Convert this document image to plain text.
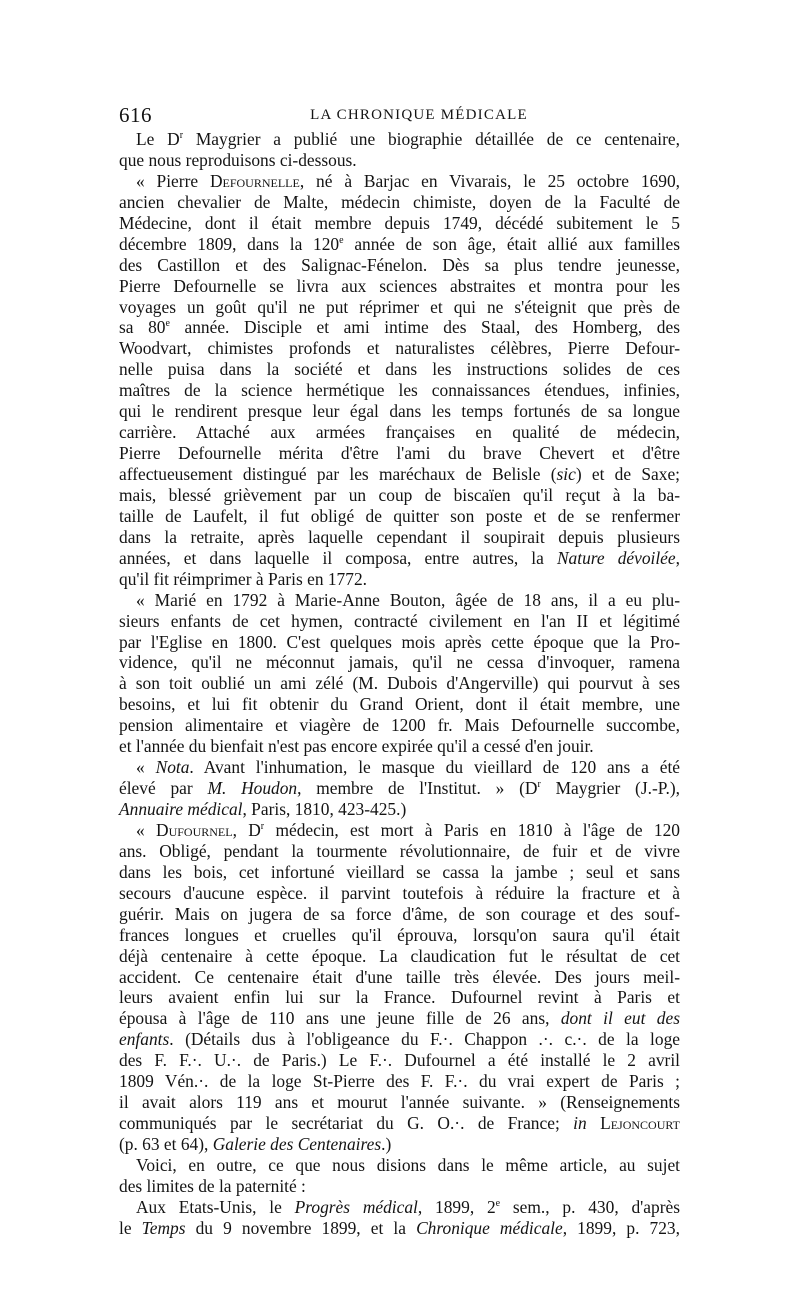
616	LA CHRONIQUE MÉDICALE
Le $D^r$ Maygrier a publié une biographie détaillée de ce centenaire,
que nous reproduisons ci-dessous.
« Pierre Defournelle, né à Barjac en Vivarais, le 25 octobre 1690,
ancien chevalier de Malte, médecin chimiste, doyen de la Faculté de
Médecine, dont il était membre depuis 1749, décédé subitement le 5
décembre 1809, dans la 120e année de son âge, était allié aux familles
des Castillon et des Salignac-Fénelon. Dès sa plus tendre jeunesse,
Pierre Defournelle se livra aux sciences abstraites et montra pour les
voyages un goût qu'il ne put réprimer et qui ne s'éteignit que près de
sa 80e année. Disciple et ami intime des Staal, des Homberg, des
Woodvart, chimistes profonds et naturalistes célèbres, Pierre Defour-
nelle puisa dans la société et dans les instructions solides de ces
maîtres de la science hermétique les connaissances étendues, infinies,
qui le rendirent presque leur égal dans les temps fortunés de sa longue
carrière. Attaché aux armées françaises en qualité de médecin,
Pierre Defournelle mérita d'être l'ami du brave Chevert et d'être
affectueusement distingué par les maréchaux de Belisle (sic) et de Saxe;
mais, blessé grièvement par un coup de biscaïen qu'il reçut à la ba-
taille de Laufelt, il fut obligé de quitter son poste et de se renfermer
dans la retraite, après laquelle cependant il soupirait depuis plusieurs
années, et dans laquelle il composa, entre autres, la Nature dévoilée,
qu'il fit réimprimer à Paris en 1772.
« Marié en 1792 à Marie-Anne Bouton, âgée de 18 ans, il a eu plu-
sieurs enfants de cet hymen, contracté civilement en l'an II et légitimé
par l'Eglise en 1800. C'est quelques mois après cette époque que la Pro-
vidence, qu'il ne méconnut jamais, qu'il ne cessa d'invoquer, ramena
à son toit oublié un ami zélé (M. Dubois d'Angerville) qui pourvut à ses
besoins, et lui fit obtenir du Grand Orient, dont il était membre, une
pension alimentaire et viagère de 1200 fr. Mais Defournelle succombe,
et l'année du bienfait n'est pas encore expirée qu'il a cessé d'en jouir.
« Nota. Avant l'inhumation, le masque du vieillard de 120 ans a été
élevé par M. Houdon, membre de l'Institut. » ($D^r$ Maygrier (J.-P.),
Annuaire médical, Paris, 1810, 423-425.)
« Dufournel, $D^r$ médecin, est mort à Paris en 1810 à l'âge de 120
ans. Obligé, pendant la tourmente révolutionnaire, de fuir et de vivre
dans les bois, cet infortuné vieillard se cassa la jambe ; seul et sans
secours d'aucune espèce. il parvint toutefois à réduire la fracture et à
guérir. Mais on jugera de sa force d'âme, de son courage et des souf-
frances longues et cruelles qu'il éprouva, lorsqu'on saura qu'il était
déjà centenaire à cette époque. La claudication fut le résultat de cet
accident. Ce centenaire était d'une taille très élevée. Des jours meil-
leurs avaient enfin lui sur la France. Dufournel revint à Paris et
épousa à l'âge de 110 ans une jeune fille de 26 ans, dont il eut des
enfants. (Détails dus à l'obligeance du F.·. Chappon .·. c.·. de la loge
des F. F.·. U.·. de Paris.) Le F.·. Dufournel a été installé le 2 avril
1809 Vén.·. de la loge St-Pierre des F. F.·. du vrai expert de Paris ;
il avait alors 119 ans et mourut l'année suivante. » (Renseignements
communiqués par le secrétariat du G. O.·. de France; in Lejoncourt
(p. 63 et 64), Galerie des Centenaires.)
Voici, en outre, ce que nous disions dans le même article, au sujet
des limites de la paternité :
Aux Etats-Unis, le Progrès médical, 1899, 2e sem., p. 430, d'après
le Temps du 9 novembre 1899, et la Chronique médicale, 1899, p. 723,
